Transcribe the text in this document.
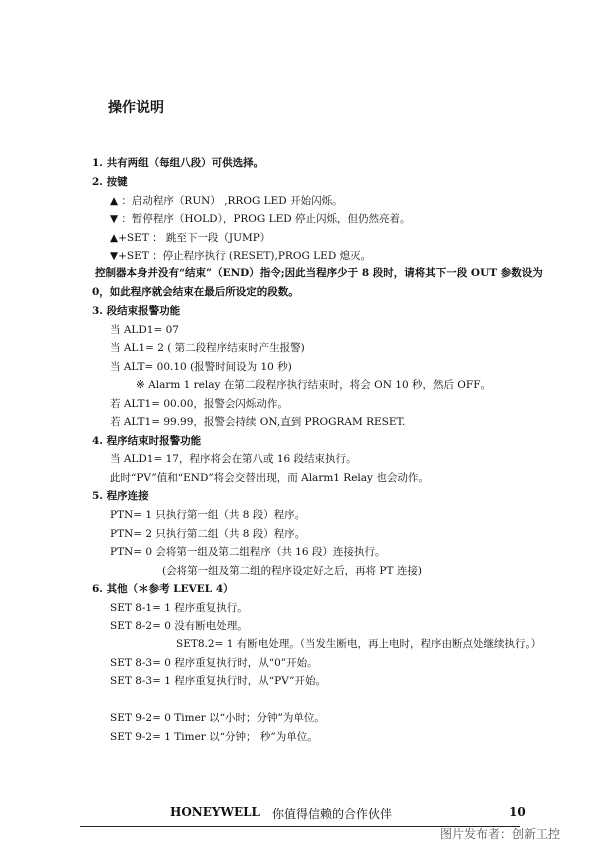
操作说明
1. 共有两组（每组八段）可供选择。
2. 按键
▲ ：启动程序（RUN） ,RROG LED 开始闪烁。
▼ ：暂停程序（HOLD），PROG LED 停止闪烁，但仍然亮着。
▲+SET ： 跳至下一段（JUMP）
▼+SET ：停止程序执行 (RESET),PROG LED 熄灭。
控制器本身并没有“结束”（END）指令;因此当程序少于 8 段时，请将其下一段 OUT 参数设为
0，如此程序就会结束在最后所设定的段数。
3. 段结束报警功能
当 ALD1= 07
当 AL1= 2 ( 第二段程序结束时产生报警)
当 ALT= 00.10 (报警时间设为 10 秒)
※ Alarm 1 relay 在第二段程序执行结束时，将会 ON 10 秒，然后 OFF。
若 ALT1= 00.00，报警会闪烁动作。
若 ALT1= 99.99，报警会持续 ON,直到 PROGRAM RESET.
4. 程序结束时报警功能
当 ALD1= 17，程序将会在第八或 16 段结束执行。
此时“PV”值和“END”将会交替出现，而 Alarm1 Relay 也会动作。
5. 程序连接
PTN= 1 只执行第一组（共 8 段）程序。
PTN= 2 只执行第二组（共 8 段）程序。
PTN= 0 会将第一组及第二组程序（共 16 段）连接执行。
(会将第一组及第二组的程序设定好之后，再将 PT 连接)
6. 其他（＊参考 LEVEL 4）
SET 8-1= 1 程序重复执行。
SET 8-2= 0 没有断电处理。
SET8.2= 1 有断电处理。（当发生断电，再上电时，程序由断点处继续执行。）
SET 8-3= 0 程序重复执行时，从“0”开始。
SET 8-3= 1 程序重复执行时，从“PV”开始。
SET 9-2= 0 Timer 以“小时；分钟”为单位。
SET 9-2= 1 Timer 以“分钟； 秒”为单位。
HONEYWELL 你值得信赖的合作伙伴	10
图片发布者：创新工控
